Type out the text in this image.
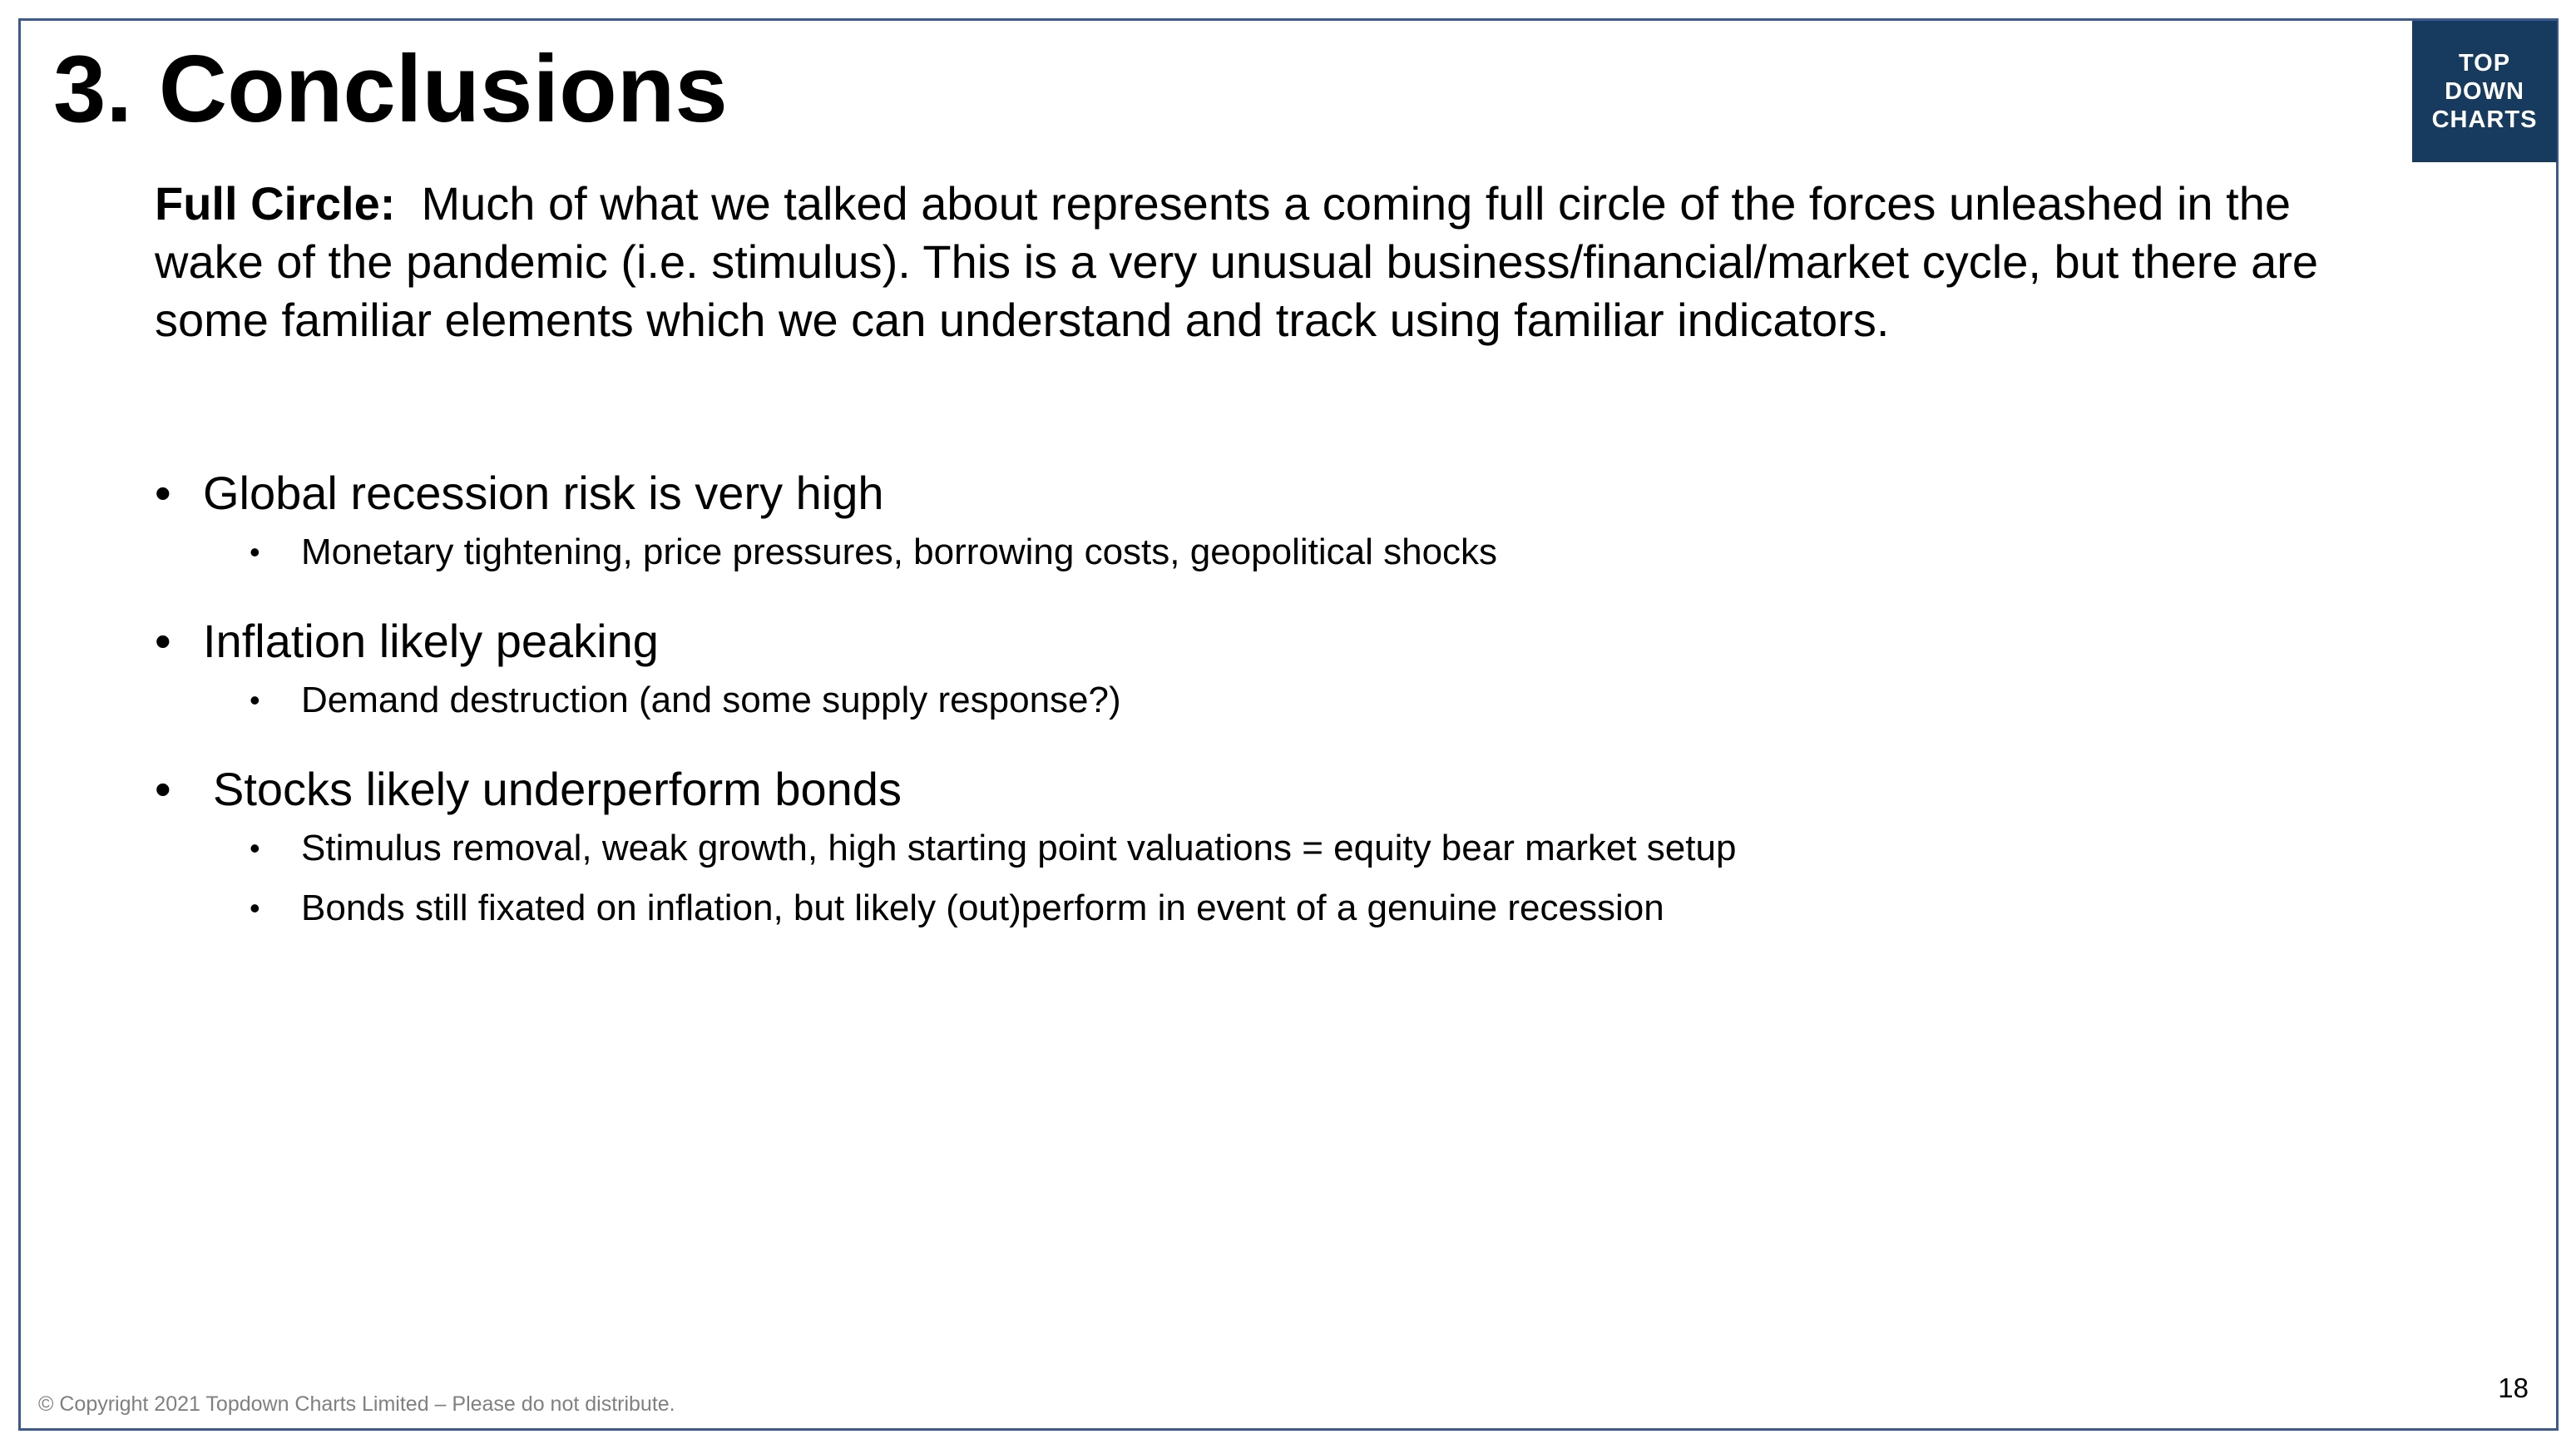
TOP
DOWN
CHARTS
3. Conclusions

Full Circle: Much of what we talked about represents a coming full circle of the forces unleashed in the wake of the pandemic (i.e. stimulus). This is a very unusual business/financial/market cycle, but there are some familiar elements which we can understand and track using familiar indicators.

• Global recession risk is very high
• Monetary tightening, price pressures, borrowing costs, geopolitical shocks
• Inflation likely peaking
• Demand destruction (and some supply response?)
• Stocks likely underperform bonds
• Stimulus removal, weak growth, high starting point valuations = equity bear market setup
• Bonds still fixated on inflation, but likely (out)perform in event of a genuine recession
© Copyright 2021 Topdown Charts Limited – Please do not distribute.
18
